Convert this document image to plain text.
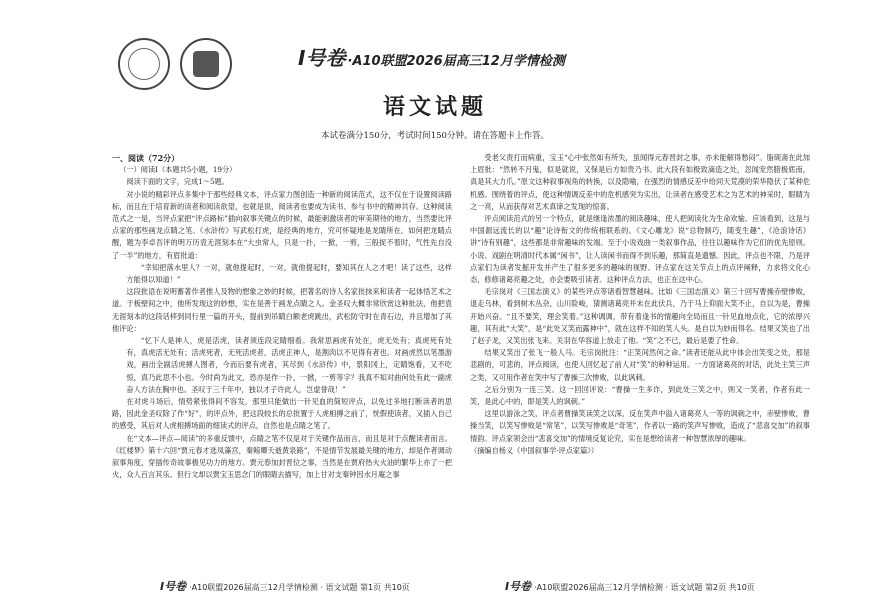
I号卷 ·A10联盟2026届高三12月学情检测
语文试题
本试卷满分150分，考试时间150分钟。请在答题卡上作答。

一、阅读（72分）

（一）阅读Ⅰ（本题共5小题，19分）

阅读下面的文字，完成1～5题。

对小说的精彩评点多集中于那些经典文本，评点家力图创造一种新的阅读范式，这不仅在于设置阅读路标，而且在于培育新的读者和阅读欲望，也就是说，阅读者也要成为读书、参与书中的精神共存。这种阅读范式之一是，当评点家把“评点路标”插向叙事关键点的时候，最能刺激读者的审美期待的地方，当然要比评点家的那些画龙点睛之笔。《水浒传》写武松打虎，是经典的地方，究可怀疑地是龙睛所在。如何把龙睛点醒，题为李卓吾评的明万历袁无涯刻本在“大虫常人，只是一扑，一掀，一剪，三般捉不着时，气性先自没了一半”的地方，有眉批道：

“幸知把落水里人？一对，就他提起时，一对，就他提起时，要知其在人之才吧！读了这些，这样方能得以知道！”

这段批语在说明蓄著作者推人及物的想象之妙的时候，把著名的诗人名家批抹来和读者一起体悟艺术之道。于板壁间之中，他所发现这的妙想，实在是善于画龙点睛之人。金圣叹大概非常欣赏这种批法，他把袁无涯刻本的这段话移到同行里一篇的开头，提前到吊睛白额老虎跳出，武松防守时在青石边，并且增加了其他评论：

“忆下人是神人，虎是活虎，读者须连段定睛细看。我常思画虎有处在，虎无处有；真虎死有处有，真虎活无处有；活虎死者，无死活虎者，活虎正神人，是割肉以不见得有者也。对画虎然以笔墨游戏，画出全副活虎搏人图者，今而后要有虎者，其尽到《水浒传》中，景阳冈上，定睛饱看，又不吃惊，真乃此思不小也。今时尚为此文，恐亦是作一扑，一掀，一剪等字？我真不知对曲何处有此一副虎奋人方法在胸中也。圣叹于三千年中，独以才子许此人，岂虚誉哉！”

在对虎斗场后，情势紧张得间不容发，那里只能做出一针见血的简短评点，以免过多地打断读者的思路，因此金圣叹除了作“好”，的评点外，把这段较长的总批置于人虎相搏之前了，恍假使读者，又插入自己的感受，其后对人虎相搏场面的细读式的评点，自然也是点睛之笔了。

在“文本—评点—阅读”的多重反馈中，点睛之笔不仅是对于关键作品而言，而且是对于点醒读者而言。《红楼梦》第十六回“贾元春才选凤藻宫，秦鲸卿夭逝黄泉路”，不是情节发展最关键的地方，却是作者调动叙事角度，穿插传奇故事极见功力的地方。贾元春加封晋位之事，当然是在贾府热火火油的繁华上亦了一把火，众人百言其乐。但行文却以贾宝玉思念门的眼睛去描写，加上甘对支秦钟因水月庵之事

受老父责打而病重，宝玉“心中张然如有所失，虽闻得元春晋封之事，亦未能解得愁闷”。脂砚斋在此加上眉批：“然转不月鬼，似是就说，又保是后方如贵乃书。此大段有如极致滴造之处，忽闻宠然腊极底南，真是其大力爪。”原文这种叙事视角的转换，以及隐喻，在强烈的情感反差中给同天荒漠的荣华隐伏了某种危机感。围绕着的评点，使这种情调反差中的危机感突为实出，让读者在感受艺术之为艺术的神采时，眼睛为之一亮，从而获得对艺术真谛之发现的惊喜。

评点阅读范式的另一个特点，就是继逢浓墨的阅读趣味，使人把阅读化为生命欢愉。应该看到，这是与中国源远流长的以“趣”论诗衔文的传统相联系的。《文心雕龙》说“总物制巧，随变生趣”，《沧浪诗话》讲“诗有别趣”，这些都是非常趣味的发端。至于小说戏曲一类叙事作品，往往以趣味作为它们的优先原则。小说、戏剧在明清时代本属“闲书”，让人读闲书而得不到乐趣，那简直是遗憾。因此，评点也不限，乃是评点家们为读者发掘开发并产生了很多更多的趣味的视野。评点家在这关节点上的点评阐释，力求将文化心态，修修诸葛亮趣之处，亦会要吸引读者。这种评点方法，也正在这中心。

毛宗岗对《三国志演义》的某些评点等诸看智慧越味。比如《三国志演义》第三十回写曹操赤壁惨败，退走乌林，看到树木丛杂，山川险峻，猜测诸葛亮并未在此伏兵，乃于马上仰面大笑不止，自以为是，曹操开始兴奋。“且不要笑，理会笑着。”这种调调，带有着逢书的情趣向全局而且一针见血地点化，它的浓厚兴趣，其有此“大笑”，是“此处又笑而露神中”，就在这样不知的笑人头。是自以为妙而得名。结果又笑也了出了赵子龙，又笑出张飞来。关羽在华容道上放走了他。“笑”之不已，最后是要了性命。

结果又笑出了张飞一般人马。毛宗岗批注：“正笑间然何之命。”读者还能从此中体会出笑变之处，那是悲剧的，可悲的，评点阅读，也使人回忆起了前人对“笑”的种种运用。一方面诸葛亮的对话，此处主笑三声之类，又可用作者在笑中写了曹操三次惨败，以此讽刺。

之后分别为一连三笑。这一回回评说：“曹操一生多诈，到此处三笑之中，则又一笑者，作者有此一笑，是此心中的，即是笑人的讽刺。”

这里以游泳之笑，评点者曹操笑读笑之以深，反在笑声中溢入诸葛亮人一等的讽刺之中，赤壁惨败，曹操当笑，以笑写惨败是“常笔”，以笑写惨败是“奇笔”，作者以一路的笑声写惨败，造成了“悲喜交加”的叙事情韵。评点家领会出“悲喜交加”的情境反复论究，实在是想给读者一种智慧浓厚的趣味。

（摘编自杨义《中国叙事学·评点家篇》）

I号卷 ·A10联盟2026届高三12月学情检测 · 语文试题 第1页 共10页	I号卷 ·A10联盟2026届高三12月学情检测 · 语文试题 第2页 共10页
